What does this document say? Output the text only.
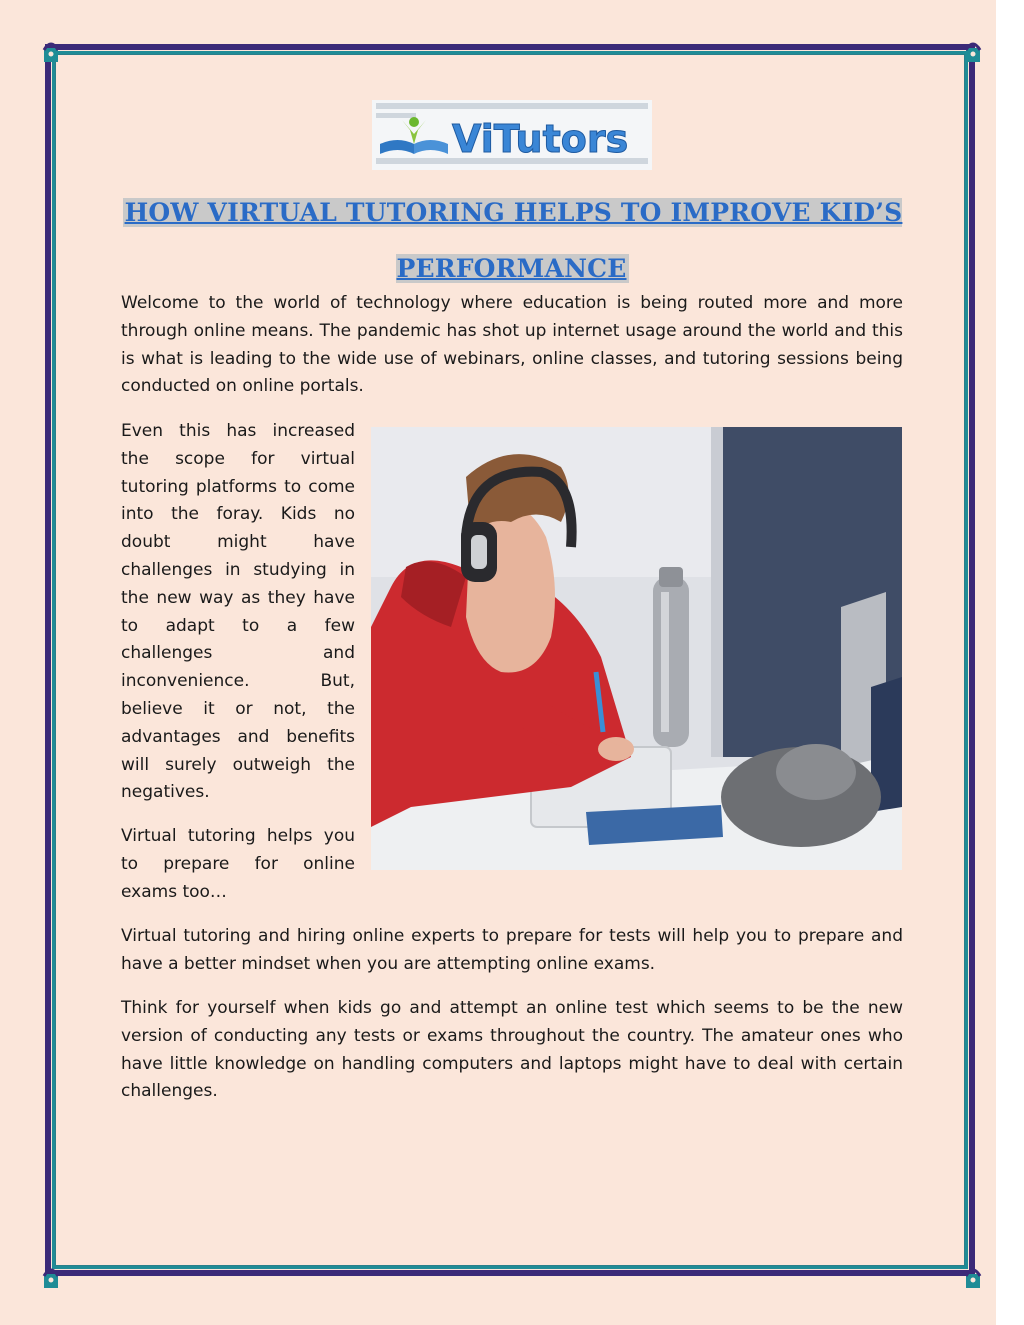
ViTutors
HOW VIRTUAL TUTORING HELPS TO IMPROVE KID’S PERFORMANCE

Welcome to the world of technology where education is being routed more and more through online means. The pandemic has shot up internet usage around the world and this is what is leading to the wide use of webinars, online classes, and tutoring sessions being conducted on online portals.

Even this has increased the scope for virtual tutoring platforms to come into the foray. Kids no doubt might have challenges in studying in the new way as they have to adapt to a few challenges and inconvenience. But, believe it or not, the advantages and benefits will surely outweigh the negatives.

Virtual tutoring helps you to prepare for online exams too…

Virtual tutoring and hiring online experts to prepare for tests will help you to prepare and have a better mindset when you are attempting online exams.

Think for yourself when kids go and attempt an online test which seems to be the new version of conducting any tests or exams throughout the country. The amateur ones who have little knowledge on handling computers and laptops might have to deal with certain challenges.
